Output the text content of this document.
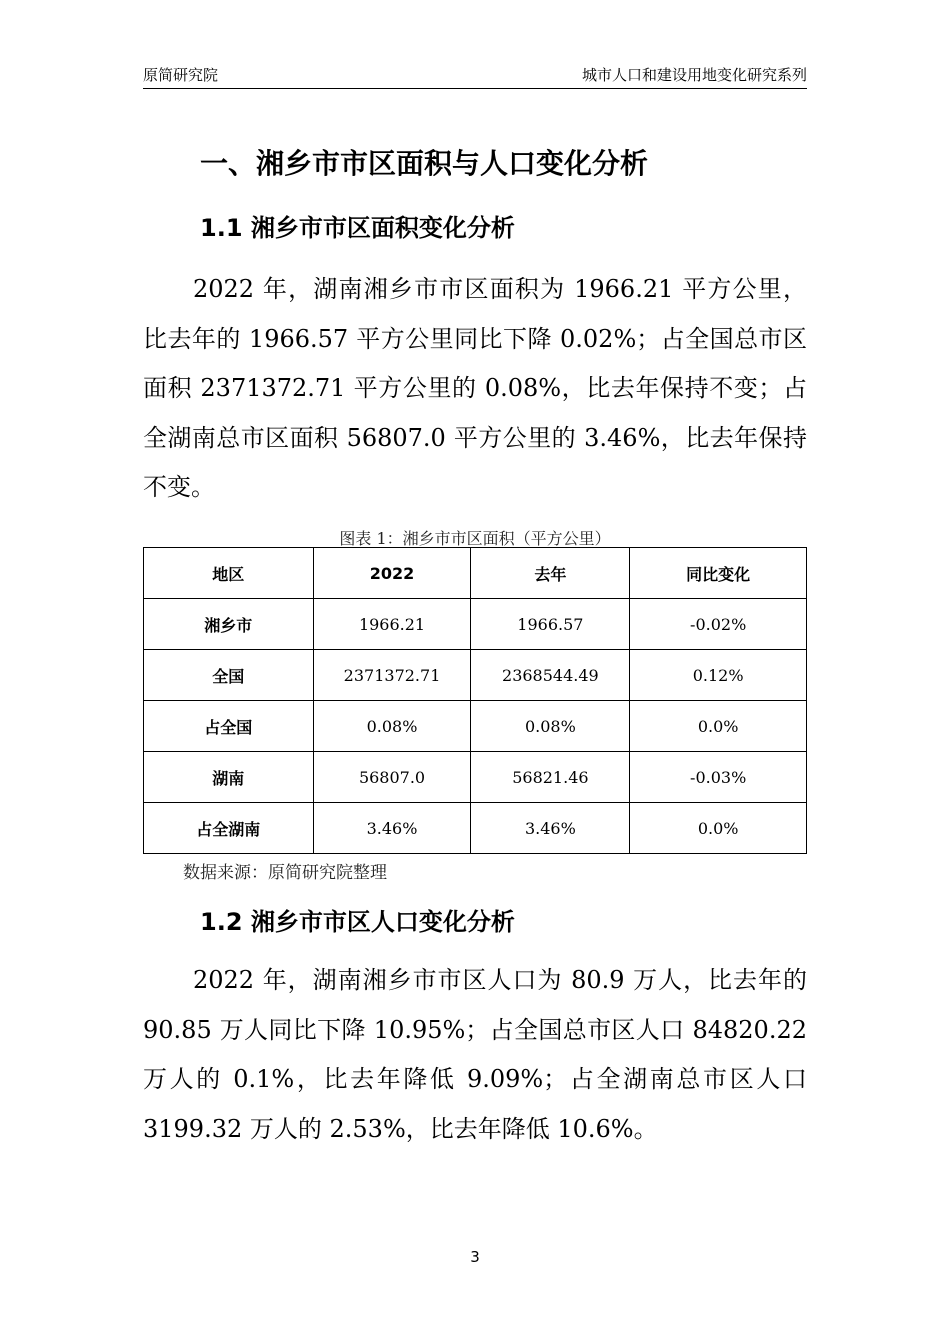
原简研究院	城市人口和建设用地变化研究系列
一、湘乡市市区面积与人口变化分析
1.1 湘乡市市区面积变化分析
2022 年，湖南湘乡市市区面积为 1966.21 平方公里，
比去年的 1966.57 平方公里同比下降 0.02%；占全国总市区
面积 2371372.71 平方公里的 0.08%，比去年保持不变；占
全湖南总市区面积 56807.0 平方公里的 3.46%，比去年保持
不变。
图表 1：湘乡市市区面积（平方公里）
地区	2022	去年	同比变化
湘乡市	1966.21	1966.57	-0.02%
全国	2371372.71	2368544.49	0.12%
占全国	0.08%	0.08%	0.0%
湖南	56807.0	56821.46	-0.03%
占全湖南	3.46%	3.46%	0.0%
数据来源：原简研究院整理
1.2 湘乡市市区人口变化分析
2022 年，湖南湘乡市市区人口为 80.9 万人，比去年的
90.85 万人同比下降 10.95%；占全国总市区人口 84820.22
万人的 0.1%，比去年降低 9.09%；占全湖南总市区人口
3199.32 万人的 2.53%，比去年降低 10.6%。
3
